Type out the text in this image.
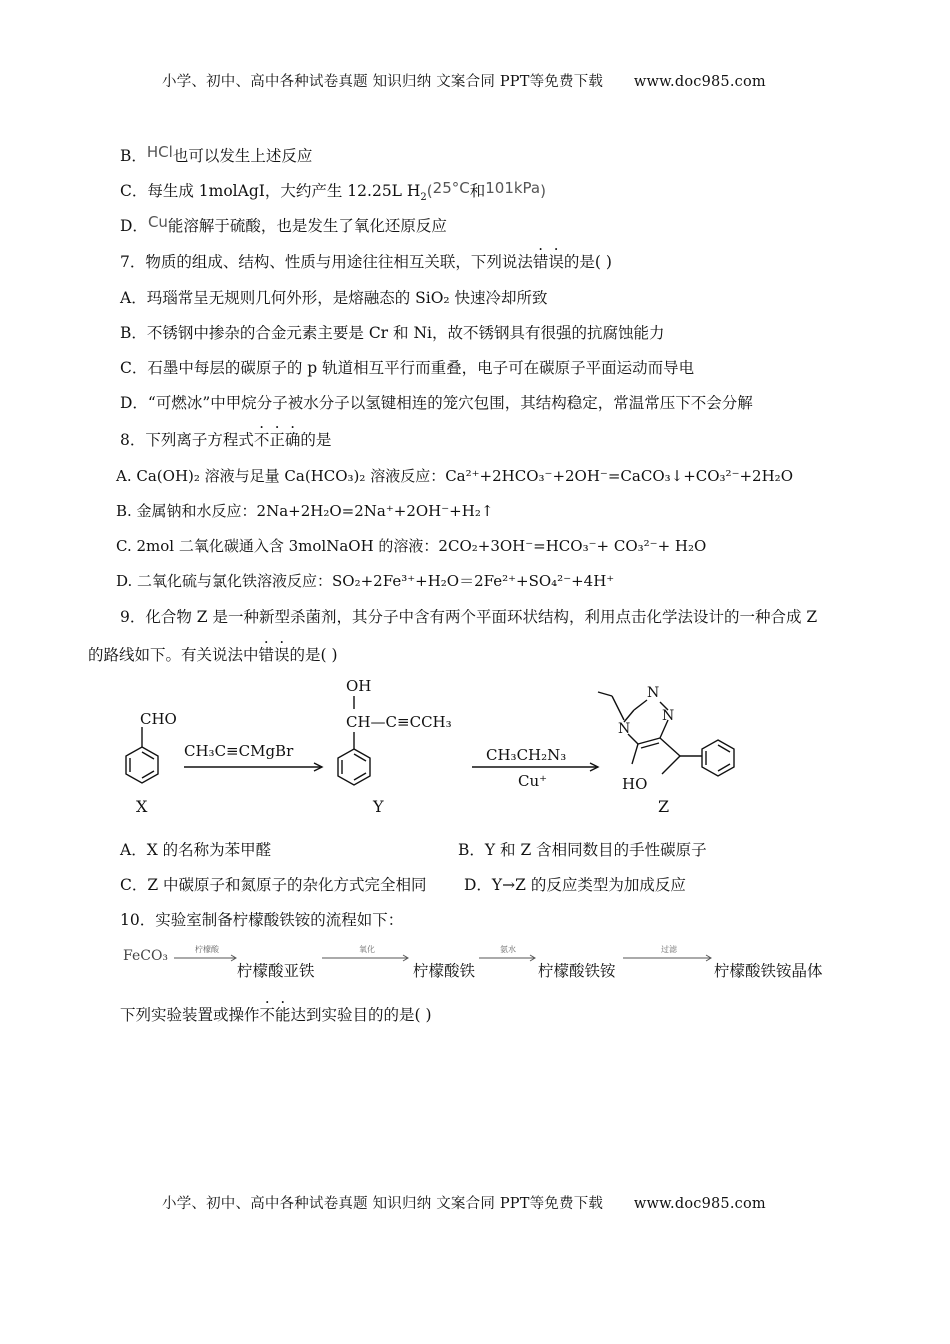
小学、初中、高中各种试卷真题 知识归纳 文案合同 PPT等免费下载 www.doc985.com
B．HCl也可以发生上述反应
C．每生成 1molAgI，大约产生 12.25L $H_2(25^\circ C$和101kPa)
D．Cu能溶解于硫酸，也是发生了氧化还原反应
7．物质的组成、结构、性质与用途往往相互关联，下列说法错误的是( )
A．玛瑙常呈无规则几何外形，是熔融态的 SiO₂ 快速冷却所致
B．不锈钢中掺杂的合金元素主要是 Cr 和 Ni，故不锈钢具有很强的抗腐蚀能力
C．石墨中每层的碳原子的 p 轨道相互平行而重叠，电子可在碳原子平面运动而导电
D．“可燃冰”中甲烷分子被水分子以氢键相连的笼穴包围，其结构稳定，常温常压下不会分解
8．下列离子方程式不正确的是
A. Ca(OH)₂ 溶液与足量 Ca(HCO₃)₂ 溶液反应：Ca²⁺+2HCO₃⁻+2OH⁻=CaCO₃↓+CO₃²⁻+2H₂O
B. 金属钠和水反应：2Na+2H₂O=2Na⁺+2OH⁻+H₂↑
C. 2mol 二氧化碳通入含 3molNaOH 的溶液：2CO₂+3OH⁻=HCO₃⁻+ CO₃²⁻+ H₂O
D. 二氧化硫与氯化铁溶液反应：SO₂+2Fe³⁺+H₂O＝2Fe²⁺+SO₄²⁻+4H⁺
9．化合物 Z 是一种新型杀菌剂，其分子中含有两个平面环状结构，利用点击化学法设计的一种合成 Z
的路线如下。有关说法中错误的是( )
CHO
X
CH₃C≡CMgBr
OH
CH—C≡CCH₃
Y
CH₃CH₂N₃
Cu⁺
N
N
N
HO
Z
A．X 的名称为苯甲醛	B．Y 和 Z 含相同数目的手性碳原子
C．Z 中碳原子和氮原子的杂化方式完全相同 D．Y→Z 的反应类型为加成反应
10．实验室制备柠檬酸铁铵的流程如下：
FeCO₃	柠檬酸
柠檬酸亚铁
氧化
柠檬酸铁
氨水
柠檬酸铁铵
过滤
柠檬酸铁铵晶体
下列实验装置或操作不能达到实验目的的是( )
小学、初中、高中各种试卷真题 知识归纳 文案合同 PPT等免费下载 www.doc985.com
